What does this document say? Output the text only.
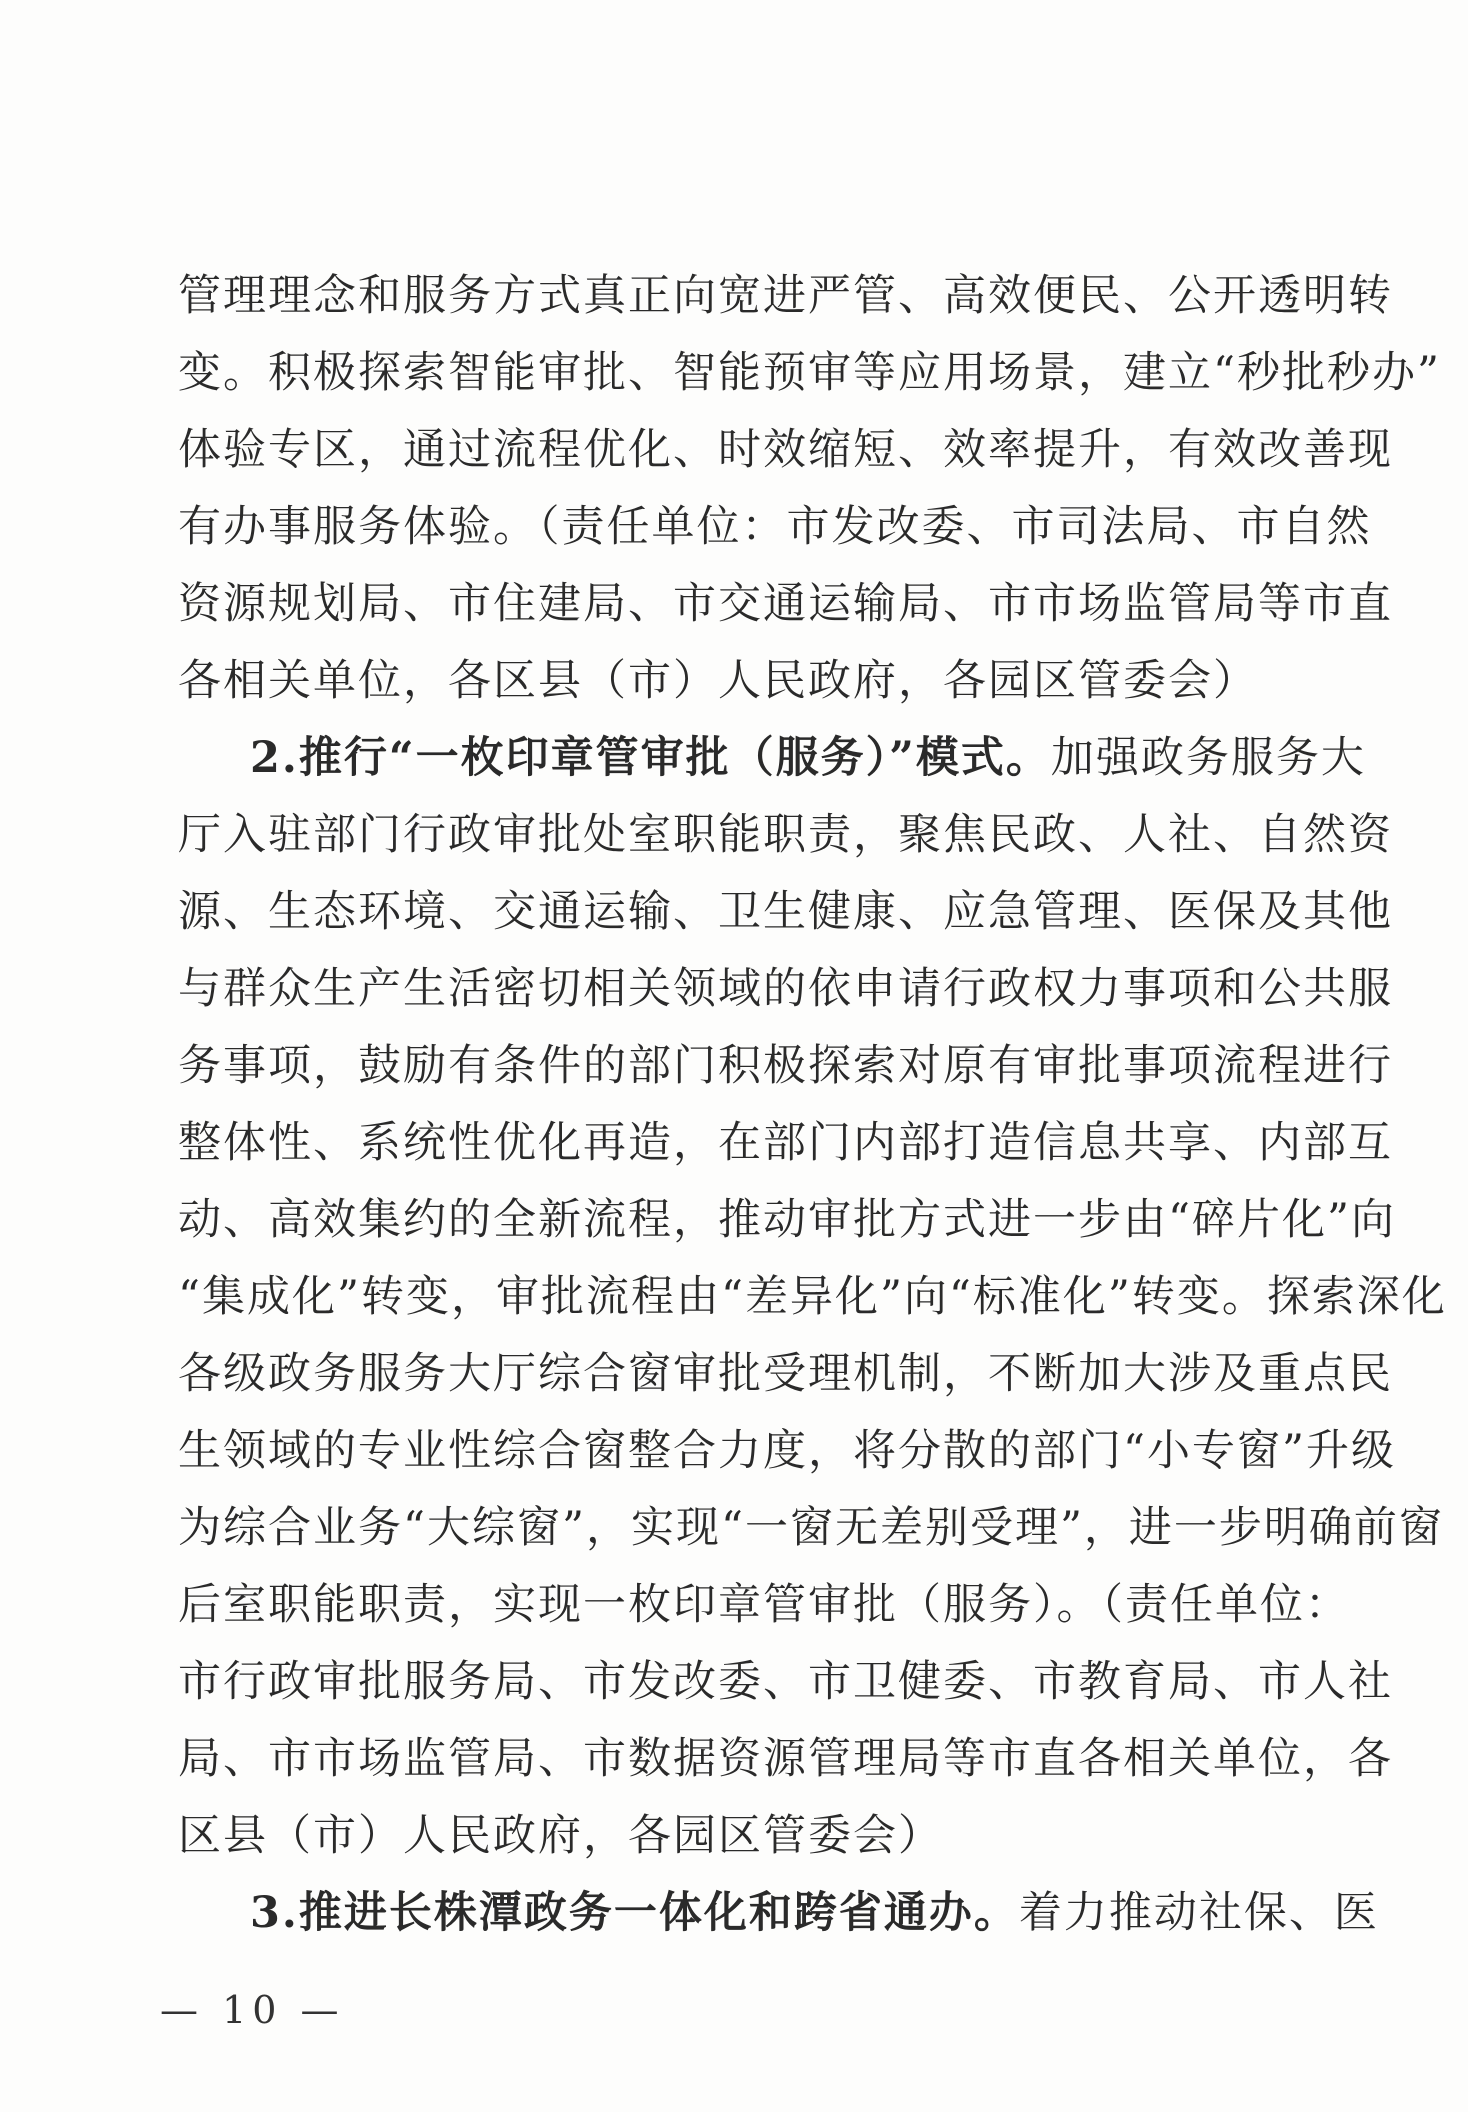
管理理念和服务方式真正向宽进严管、高效便民、公开透明转
变。积极探索智能审批、智能预审等应用场景，建立“秒批秒办”
体验专区，通过流程优化、时效缩短、效率提升，有效改善现
有办事服务体验。（责任单位：市发改委、市司法局、市自然
资源规划局、市住建局、市交通运输局、市市场监管局等市直
各相关单位，各区县（市）人民政府，各园区管委会）
2.推行“一枚印章管审批（服务）”模式。加强政务服务大
厅入驻部门行政审批处室职能职责，聚焦民政、人社、自然资
源、生态环境、交通运输、卫生健康、应急管理、医保及其他
与群众生产生活密切相关领域的依申请行政权力事项和公共服
务事项，鼓励有条件的部门积极探索对原有审批事项流程进行
整体性、系统性优化再造，在部门内部打造信息共享、内部互
动、高效集约的全新流程，推动审批方式进一步由“碎片化”向
“集成化”转变，审批流程由“差异化”向“标准化”转变。探索深化
各级政务服务大厅综合窗审批受理机制，不断加大涉及重点民
生领域的专业性综合窗整合力度，将分散的部门“小专窗”升级
为综合业务“大综窗”，实现“一窗无差别受理”，进一步明确前窗
后室职能职责，实现一枚印章管审批（服务）。（责任单位：
市行政审批服务局、市发改委、市卫健委、市教育局、市人社
局、市市场监管局、市数据资源管理局等市直各相关单位，各
区县（市）人民政府，各园区管委会）
3.推进长株潭政务一体化和跨省通办。着力推动社保、医
— 10 —
